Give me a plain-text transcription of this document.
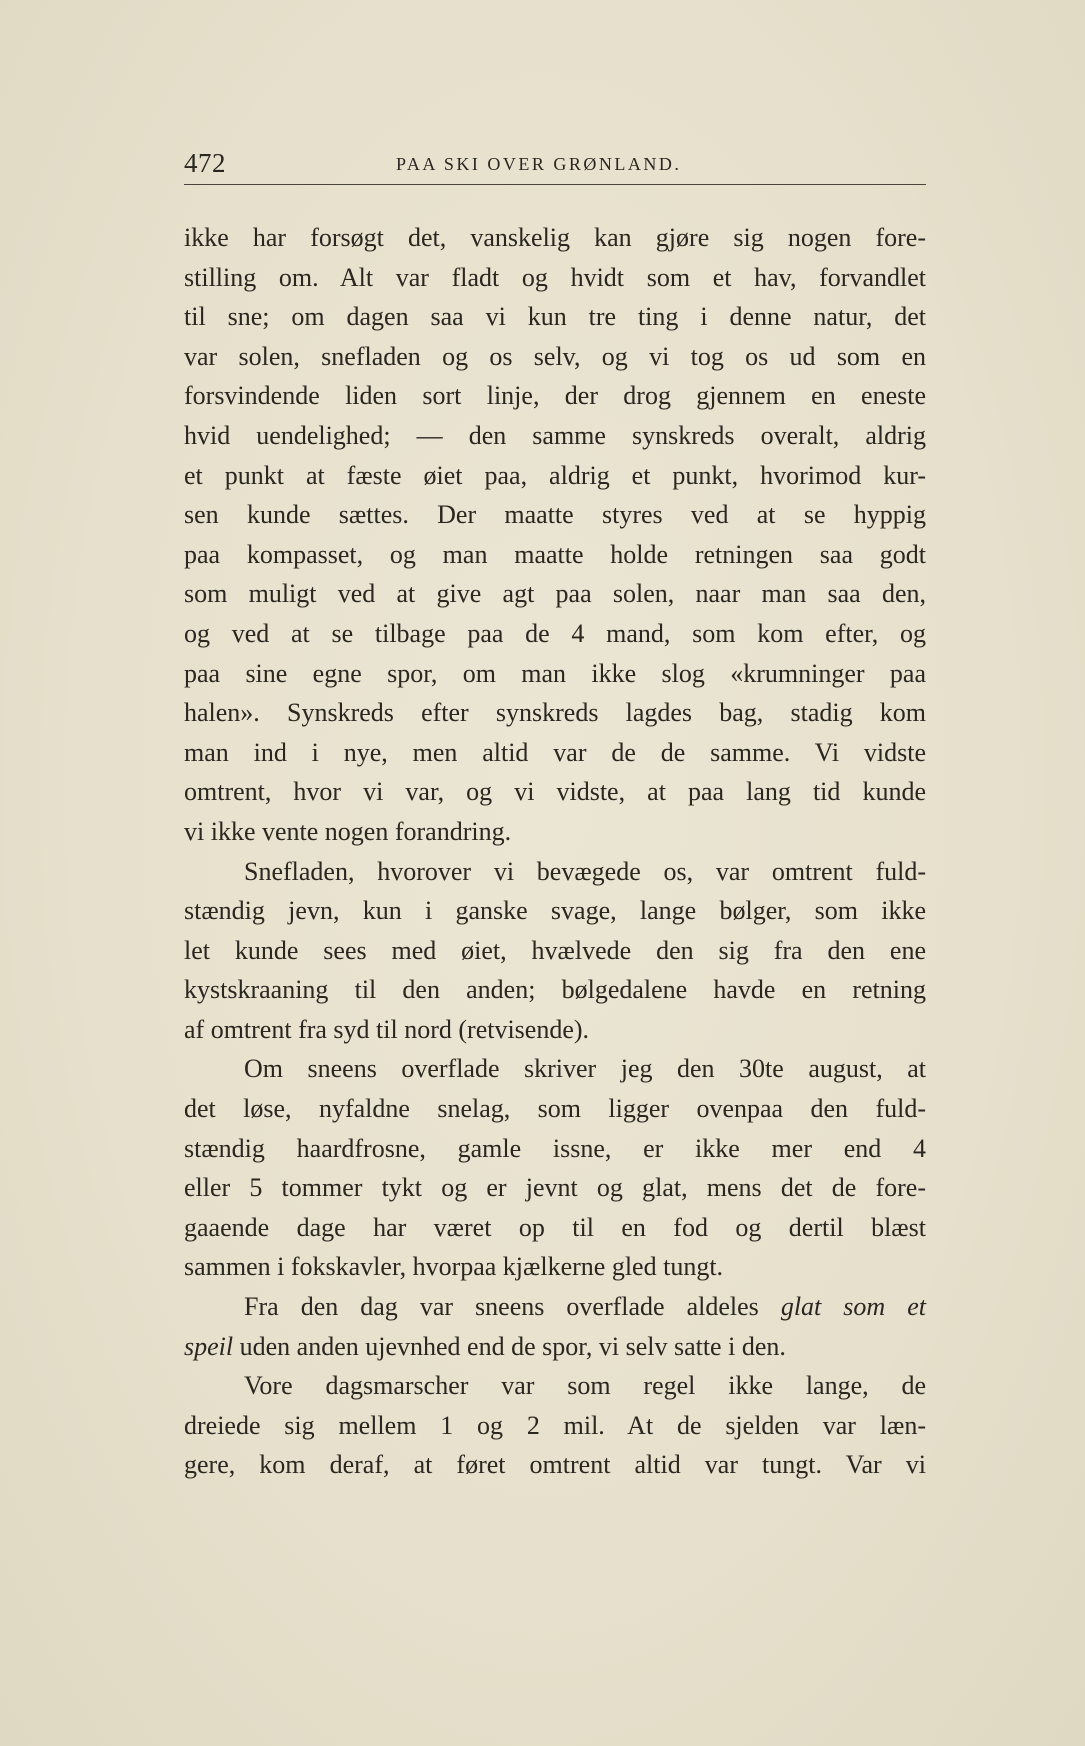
472	PAA SKI OVER GRØNLAND.
ikke har forsøgt det, vanskelig kan gjøre sig nogen fore-
stilling om. Alt var fladt og hvidt som et hav, forvandlet
til sne; om dagen saa vi kun tre ting i denne natur, det
var solen, snefladen og os selv, og vi tog os ud som en
forsvindende liden sort linje, der drog gjennem en eneste
hvid uendelighed; — den samme synskreds overalt, aldrig
et punkt at fæste øiet paa, aldrig et punkt, hvorimod kur-
sen kunde sættes. Der maatte styres ved at se hyppig
paa kompasset, og man maatte holde retningen saa godt
som muligt ved at give agt paa solen, naar man saa den,
og ved at se tilbage paa de 4 mand, som kom efter, og
paa sine egne spor, om man ikke slog «krumninger paa
halen». Synskreds efter synskreds lagdes bag, stadig kom
man ind i nye, men altid var de de samme. Vi vidste
omtrent, hvor vi var, og vi vidste, at paa lang tid kunde
vi ikke vente nogen forandring.
Snefladen, hvorover vi bevægede os, var omtrent fuld-
stændig jevn, kun i ganske svage, lange bølger, som ikke
let kunde sees med øiet, hvælvede den sig fra den ene
kystskraaning til den anden; bølgedalene havde en retning
af omtrent fra syd til nord (retvisende).
Om sneens overflade skriver jeg den 30te august, at
det løse, nyfaldne snelag, som ligger ovenpaa den fuld-
stændig haardfrosne, gamle issne, er ikke mer end 4
eller 5 tommer tykt og er jevnt og glat, mens det de fore-
gaaende dage har været op til en fod og dertil blæst
sammen i fokskavler, hvorpaa kjælkerne gled tungt.
Fra den dag var sneens overflade aldeles glat som et
speil uden anden ujevnhed end de spor, vi selv satte i den.
Vore dagsmarscher var som regel ikke lange, de
dreiede sig mellem 1 og 2 mil. At de sjelden var læn-
gere, kom deraf, at føret omtrent altid var tungt. Var vi
